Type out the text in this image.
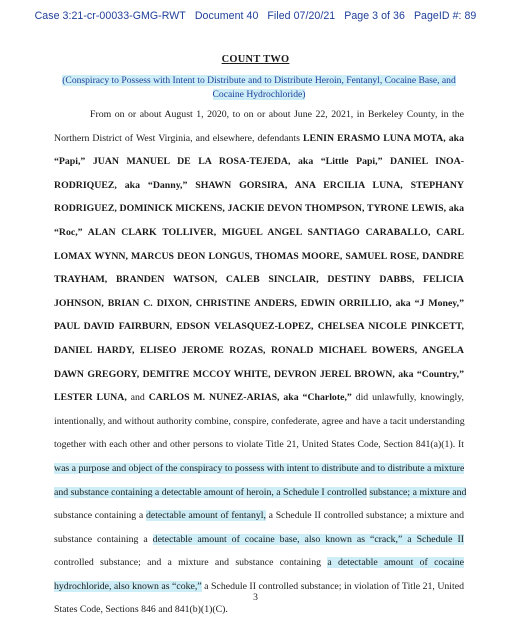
Case 3:21-cr-00033-GMG-RWT Document 40 Filed 07/20/21 Page 3 of 36 PageID #: 89
COUNT TWO
(Conspiracy to Possess with Intent to Distribute and to Distribute Heroin, Fentanyl, Cocaine Base, and
Cocaine Hydrochloride)
From on or about August 1, 2020, to on or about June 22, 2021, in Berkeley County, in the
Northern District of West Virginia, and elsewhere, defendants LENIN ERASMO LUNA MOTA, aka
“Papi,” JUAN MANUEL DE LA ROSA-TEJEDA, aka “Little Papi,” DANIEL INOA-
RODRIQUEZ, aka “Danny,” SHAWN GORSIRA, ANA ERCILIA LUNA, STEPHANY
RODRIGUEZ, DOMINICK MICKENS, JACKIE DEVON THOMPSON, TYRONE LEWIS, aka
“Roc,” ALAN CLARK TOLLIVER, MIGUEL ANGEL SANTIAGO CARABALLO, CARL
LOMAX WYNN, MARCUS DEON LONGUS, THOMAS MOORE, SAMUEL ROSE, DANDRE
TRAYHAM, BRANDEN WATSON, CALEB SINCLAIR, DESTINY DABBS, FELICIA
JOHNSON, BRIAN C. DIXON, CHRISTINE ANDERS, EDWIN ORRILLIO, aka “J Money,”
PAUL DAVID FAIRBURN, EDSON VELASQUEZ-LOPEZ, CHELSEA NICOLE PINKCETT,
DANIEL HARDY, ELISEO JEROME ROZAS, RONALD MICHAEL BOWERS, ANGELA
DAWN GREGORY, DEMITRE MCCOY WHITE, DEVRON JEREL BROWN, aka “Country,”
LESTER LUNA, and CARLOS M. NUNEZ-ARIAS, aka “Charlote,” did unlawfully, knowingly,
intentionally, and without authority combine, conspire, confederate, agree and have a tacit understanding
together with each other and other persons to violate Title 21, United States Code, Section 841(a)(1). It
was a purpose and object of the conspiracy to possess with intent to distribute and to distribute a mixture
and substance containing a detectable amount of heroin, a Schedule I controlled substance; a mixture and
substance containing a detectable amount of fentanyl, a Schedule II controlled substance; a mixture and
substance containing a detectable amount of cocaine base, also known as “crack,” a Schedule II
controlled substance; and a mixture and substance containing a detectable amount of cocaine
hydrochloride, also known as “coke,” a Schedule II controlled substance; in violation of Title 21, United
States Code, Sections 846 and 841(b)(1)(C).
3
